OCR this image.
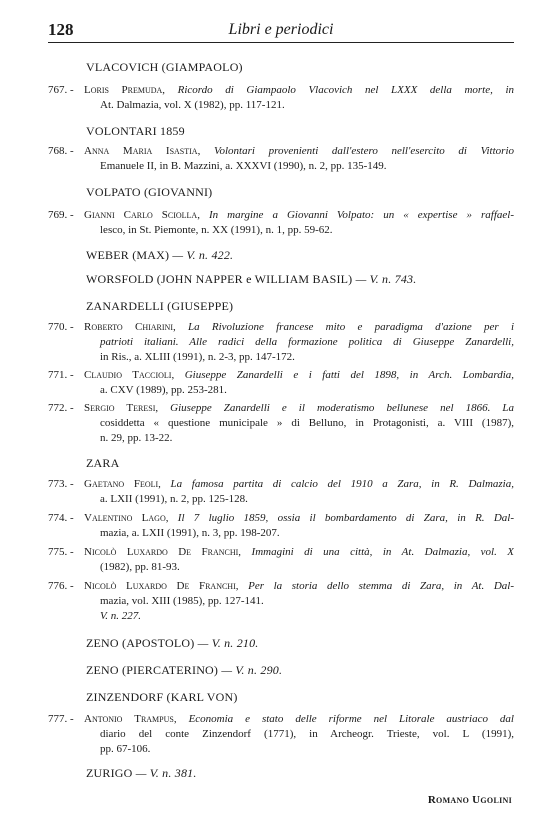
128	Libri e periodici
VLACOVICH (GIAMPAOLO)
767. - Loris Premuda, Ricordo di Giampaolo Vlacovich nel LXXX della morte, in
At. Dalmazia, vol. X (1982), pp. 117-121.
VOLONTARI 1859
768. - Anna Maria Isastia, Volontari provenienti dall'estero nell'esercito di Vittorio
Emanuele II, in B. Mazzini, a. XXXVI (1990), n. 2, pp. 135-149.
VOLPATO (GIOVANNI)
769. - Gianni Carlo Sciolla, In margine a Giovanni Volpato: un « expertise » raffael-
lesco, in St. Piemonte, n. XX (1991), n. 1, pp. 59-62.
WEBER (MAX) — V. n. 422.
WORSFOLD (JOHN NAPPER e WILLIAM BASIL) — V. n. 743.
ZANARDELLI (GIUSEPPE)
770. - Roberto Chiarini, La Rivoluzione francese mito e paradigma d'azione per i
patrioti italiani. Alle radici della formazione politica di Giuseppe Zanardelli,
in Ris., a. XLIII (1991), n. 2-3, pp. 147-172.
771. - Claudio Taccioli, Giuseppe Zanardelli e i fatti del 1898, in Arch. Lombardia,
a. CXV (1989), pp. 253-281.
772. - Sergio Teresi, Giuseppe Zanardelli e il moderatismo bellunese nel 1866. La
cosiddetta « questione municipale » di Belluno, in Protagonisti, a. VIII (1987),
n. 29, pp. 13-22.
ZARA
773. - Gaetano Feoli, La famosa partita di calcio del 1910 a Zara, in R. Dalmazia,
a. LXII (1991), n. 2, pp. 125-128.
774. - Valentino Lago, Il 7 luglio 1859, ossia il bombardamento di Zara, in R. Dal-
mazia, a. LXII (1991), n. 3, pp. 198-207.
775. - Nicolò Luxardo De Franchi, Immagini di una città, in At. Dalmazia, vol. X
(1982), pp. 81-93.
776. - Nicolò Luxardo De Franchi, Per la storia dello stemma di Zara, in At. Dal-
mazia, vol. XIII (1985), pp. 127-141.
V. n. 227.
ZENO (APOSTOLO) — V. n. 210.
ZENO (PIERCATERINO) — V. n. 290.
ZINZENDORF (KARL VON)
777. - Antonio Trampus, Economia e stato delle riforme nel Litorale austriaco dal
diario del conte Zinzendorf (1771), in Archeogr. Trieste, vol. L (1991),
pp. 67-106.
ZURIGO — V. n. 381.
Romano Ugolini
